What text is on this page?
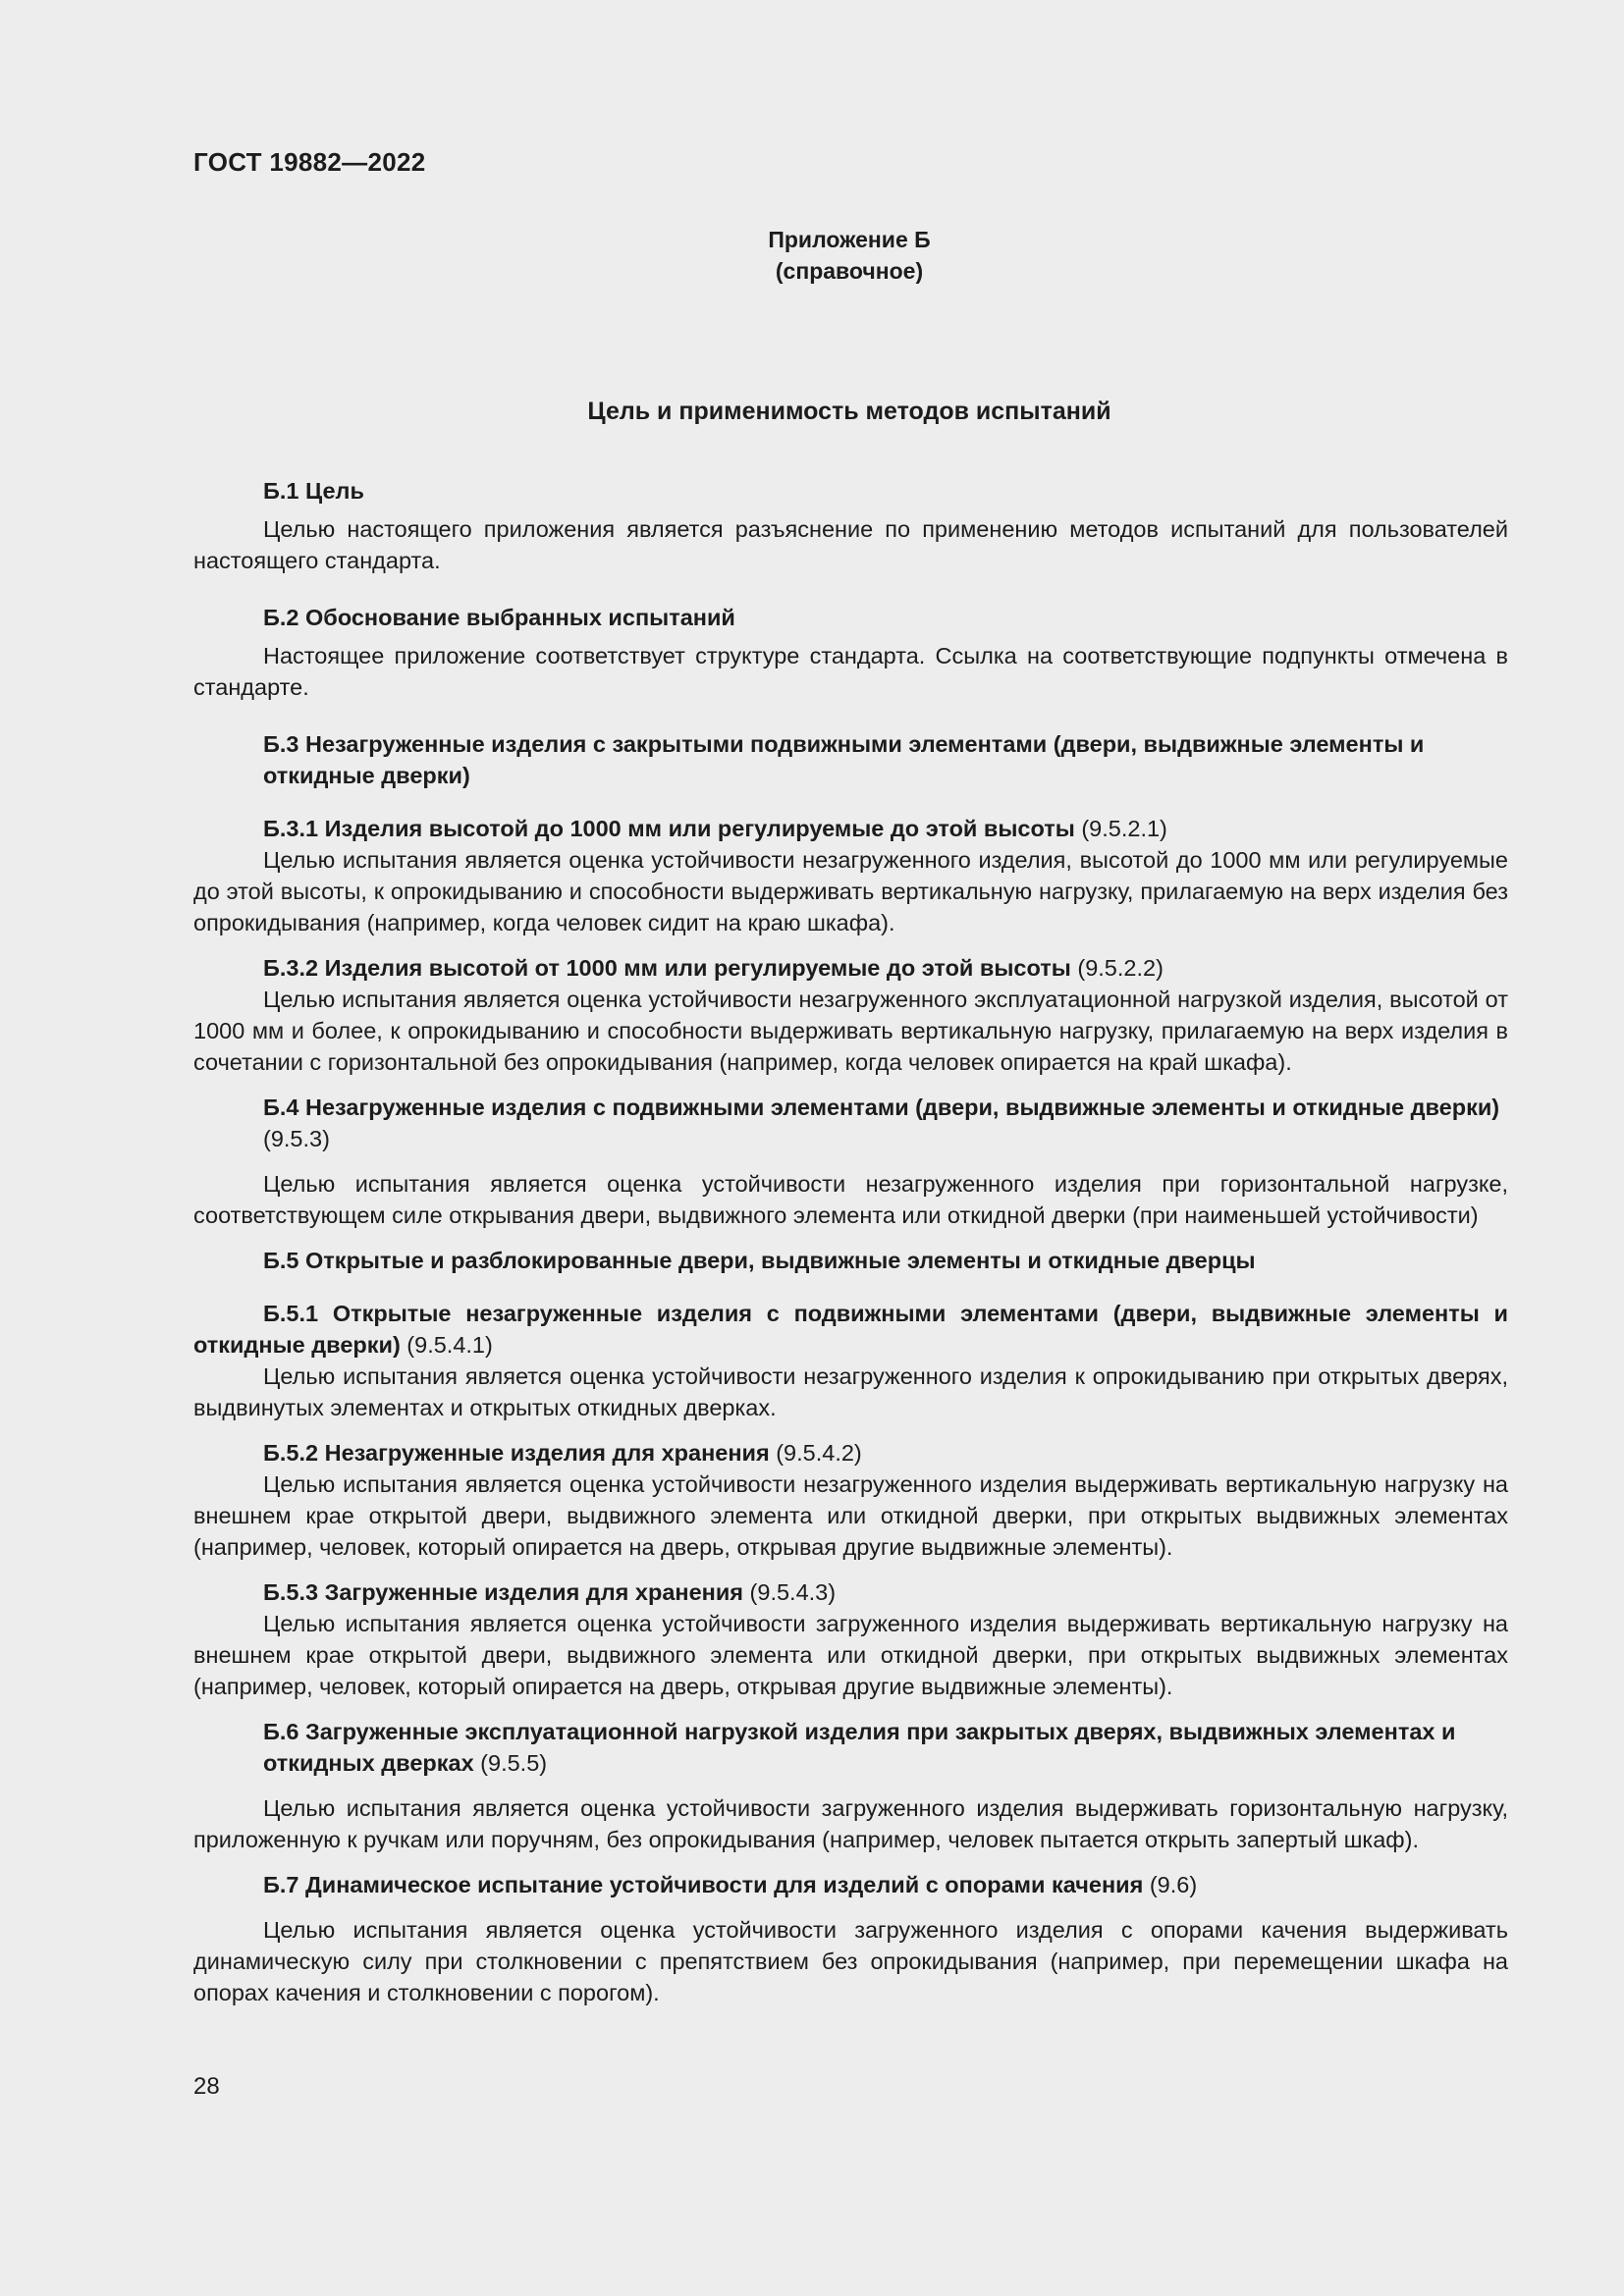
ГОСТ 19882—2022
Приложение Б
(справочное)
Цель и применимость методов испытаний

Б.1 Цель

Целью настоящего приложения является разъяснение по применению методов испытаний для пользователей настоящего стандарта.

Б.2 Обоснование выбранных испытаний

Настоящее приложение соответствует структуре стандарта. Ссылка на соответствующие подпункты отмечена в стандарте.

Б.3 Незагруженные изделия с закрытыми подвижными элементами (двери, выдвижные элементы и откидные дверки)

Б.3.1 Изделия высотой до 1000 мм или регулируемые до этой высоты (9.5.2.1)

Целью испытания является оценка устойчивости незагруженного изделия, высотой до 1000 мм или регулируемые до этой высоты, к опрокидыванию и способности выдерживать вертикальную нагрузку, прилагаемую на верх изделия без опрокидывания (например, когда человек сидит на краю шкафа).

Б.3.2 Изделия высотой от 1000 мм или регулируемые до этой высоты (9.5.2.2)

Целью испытания является оценка устойчивости незагруженного эксплуатационной нагрузкой изделия, высотой от 1000 мм и более, к опрокидыванию и способности выдерживать вертикальную нагрузку, прилагаемую на верх изделия в сочетании с горизонтальной без опрокидывания (например, когда человек опирается на край шкафа).

Б.4 Незагруженные изделия с подвижными элементами (двери, выдвижные элементы и откидные дверки) (9.5.3)

Целью испытания является оценка устойчивости незагруженного изделия при горизонтальной нагрузке, соответствующем силе открывания двери, выдвижного элемента или откидной дверки (при наименьшей устойчивости)

Б.5 Открытые и разблокированные двери, выдвижные элементы и откидные дверцы

Б.5.1 Открытые незагруженные изделия с подвижными элементами (двери, выдвижные элементы и откидные дверки) (9.5.4.1)

Целью испытания является оценка устойчивости незагруженного изделия к опрокидыванию при открытых дверях, выдвинутых элементах и открытых откидных дверках.

Б.5.2 Незагруженные изделия для хранения (9.5.4.2)

Целью испытания является оценка устойчивости незагруженного изделия выдерживать вертикальную нагрузку на внешнем крае открытой двери, выдвижного элемента или откидной дверки, при открытых выдвижных элементах (например, человек, который опирается на дверь, открывая другие выдвижные элементы).

Б.5.3 Загруженные изделия для хранения (9.5.4.3)

Целью испытания является оценка устойчивости загруженного изделия выдерживать вертикальную нагрузку на внешнем крае открытой двери, выдвижного элемента или откидной дверки, при открытых выдвижных элементах (например, человек, который опирается на дверь, открывая другие выдвижные элементы).

Б.6 Загруженные эксплуатационной нагрузкой изделия при закрытых дверях, выдвижных элементах и откидных дверках (9.5.5)

Целью испытания является оценка устойчивости загруженного изделия выдерживать горизонтальную нагрузку, приложенную к ручкам или поручням, без опрокидывания (например, человек пытается открыть запертый шкаф).

Б.7 Динамическое испытание устойчивости для изделий с опорами качения (9.6)

Целью испытания является оценка устойчивости загруженного изделия с опорами качения выдерживать динамическую силу при столкновении с препятствием без опрокидывания (например, при перемещении шкафа на опорах качения и столкновении с порогом).

28
